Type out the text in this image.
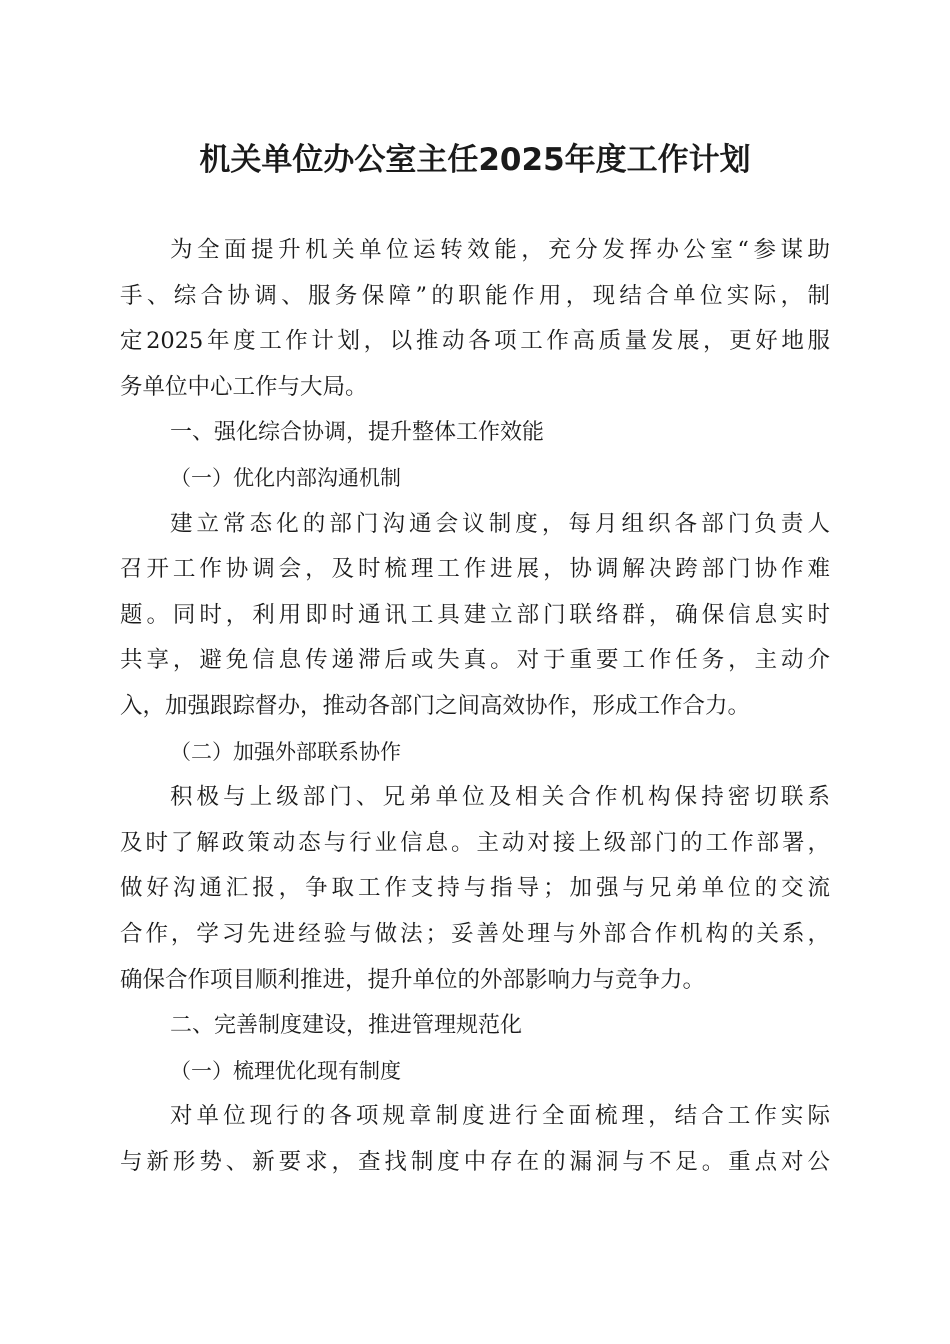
机关单位办公室主任2025年度工作计划
为全面提升机关单位运转效能，充分发挥办公室“参谋助
手、综合协调、服务保障”的职能作用，现结合单位实际，制
定2025年度工作计划，以推动各项工作高质量发展，更好地服
务单位中心工作与大局。
一、强化综合协调，提升整体工作效能
（一）优化内部沟通机制
建立常态化的部门沟通会议制度，每月组织各部门负责人
召开工作协调会，及时梳理工作进展，协调解决跨部门协作难
题。同时，利用即时通讯工具建立部门联络群，确保信息实时
共享，避免信息传递滞后或失真。对于重要工作任务，主动介
入，加强跟踪督办，推动各部门之间高效协作，形成工作合力。
（二）加强外部联系协作
积极与上级部门、兄弟单位及相关合作机构保持密切联系
及时了解政策动态与行业信息。主动对接上级部门的工作部署，
做好沟通汇报，争取工作支持与指导；加强与兄弟单位的交流
合作，学习先进经验与做法；妥善处理与外部合作机构的关系，
确保合作项目顺利推进，提升单位的外部影响力与竞争力。
二、完善制度建设，推进管理规范化
（一）梳理优化现有制度
对单位现行的各项规章制度进行全面梳理，结合工作实际
与新形势、新要求，查找制度中存在的漏洞与不足。重点对公
